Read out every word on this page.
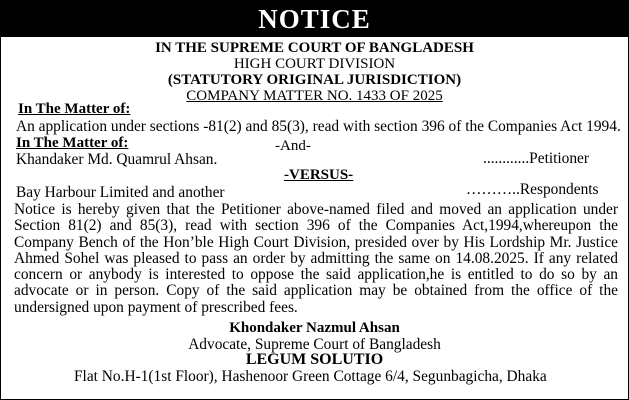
NOTICE
IN THE SUPREME COURT OF BANGLADESH
HIGH COURT DIVISION
(STATUTORY ORIGINAL JURISDICTION)
COMPANY MATTER NO. 1433 OF 2025
In The Matter of:
An application under sections -81(2) and 85(3), read with section 396 of the Companies Act 1994.
In The Matter of:	-And-
Khandaker Md. Quamrul Ahsan.	............Petitioner
-VERSUS-
Bay Harbour Limited and another	………..Respondents
Notice is hereby given that the Petitioner above-named filed and moved an application under Section 81(2) and 85(3), read with section 396 of the Companies Act,1994,whereupon the Company Bench of the Hon’ble High Court Division, presided over by His Lordship Mr. Justice Ahmed Sohel was pleased to pass an order by admitting the same on 14.08.2025. If any related concern or anybody is interested to oppose the said application,he is entitled to do so by an advocate or in person. Copy of the said application may be obtained from the office of the undersigned upon payment of prescribed fees.
Khondaker Nazmul Ahsan
Advocate, Supreme Court of Bangladesh
LEGUM SOLUTIO
Flat No.H-1(1st Floor), Hashenoor Green Cottage 6/4, Segunbagicha, Dhaka
